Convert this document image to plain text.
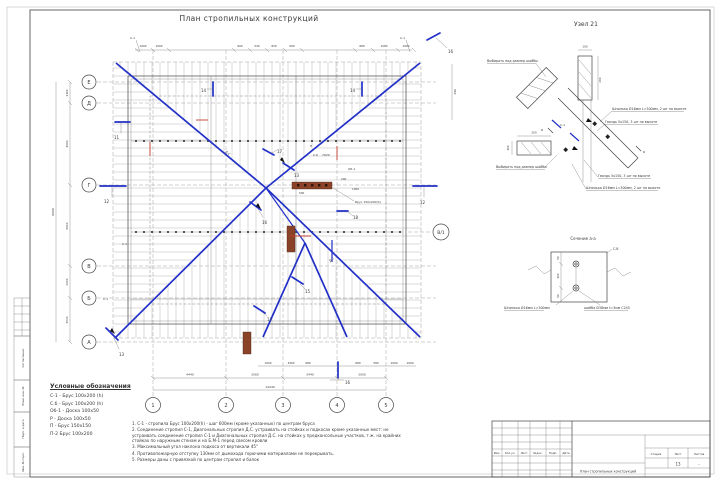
Согласовано
Взам. инв. №
Подп. и дата
Инв. № подл.
План стропильных конструкций
Е
Д
Г
В
Б
А
1	2	3	4	5
В/1
11
12	12
13
13
14	14
15
16
16
16
17
17
18
С-1	С-1
С-1
С-1
С.б 7020
Об-1
П
Д.С
Д.С
Брус 150х200(h)
500
200
1000
1000	1000	600	540	830	600	680	1580	1000
1000	3400	680	680	580	1000	1000
4440	3560	3440	3000
14440
1100
4500
5010
2000
3520
9600
344
Узел 21
100
200
С-1
а
а
200
100
Выбирать под размер шайбы
Выбирать под размер шайбы
Шпилька Ø16мм L=300мм, 2 шт по высоте
Гвоздь 5х150, 3 шт по высоте
Гвоздь 5х150, 3 шт по высоте
Шпилька Ø16мм L=300мм, 2 шт по высоте
Сечение а-а
50
100
50
С.б
Шпилька Ø16мм L=300мм	шайба Ø38мм t=3мм С245
Изм. Кол.уч. Лист №док. Подп. Дата	Стадия	Лист	Листов
13	-
План стропильных конструкций
Условные обозначения
С-1 - Брус 100х200 (h)
С.б - Брус 100х200 (h)
Об-1 - Доска 100х50
Р - Доска 100х50
П - Брус 150х150
П-2 Брус 100х200
1. С-1 - стропила Брус 100х200(h) - шаг 600мм (кроме указанных) по центрам бруса
2. Соединение стропил С-1, Диагональных стропил Д.С. устраивать на стойках и подкосах кроме указанных мест: не устраивать соединение стропил С-1 и Диагональных стропил Д.С. на стойках у предконсольных участков, т.ж. на крайних стойках по наружным стенам и на Б.М-1 перед свесом кровли
3. Максимальный угол наклона подкоса от вертикали 45°
4. Противопожарную отступку 130мм от дымохода горючими материалами не перекрывать.
5. Размеры даны с привязкой по центрам стропил и балок
